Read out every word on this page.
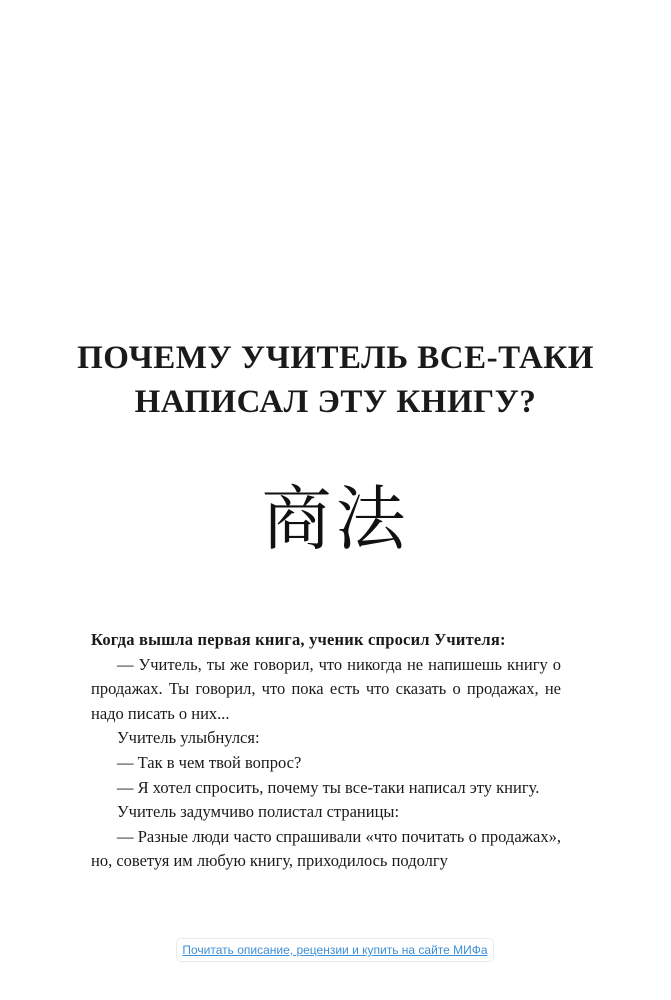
ПОЧЕМУ УЧИТЕЛЬ ВСЕ-ТАКИ
НАПИСАЛ ЭТУ КНИГУ?
商法

Когда вышла первая книга, ученик спросил Учителя:

— Учитель, ты же говорил, что никогда не напишешь книгу о продажах. Ты говорил, что пока есть что сказать о продажах, не надо писать о них...

Учитель улыбнулся:

— Так в чем твой вопрос?

— Я хотел спросить, почему ты все-таки написал эту книгу.

Учитель задумчиво полистал страницы:

— Разные люди часто спрашивали «что почитать о продажах», но, советуя им любую книгу, приходилось подолгу

Почитать описание, рецензии и купить на сайте МИФа
